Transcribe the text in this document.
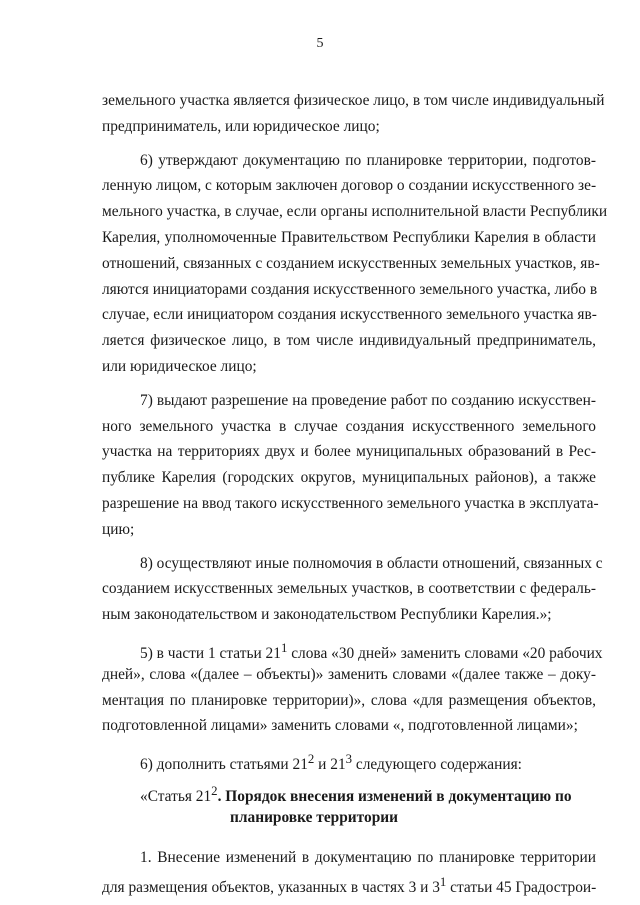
5
земельного участка является физическое лицо, в том числе индивидуальный
предприниматель, или юридическое лицо;
6) утверждают документацию по планировке территории, подготов-
ленную лицом, с которым заключен договор о создании искусственного зе-
мельного участка, в случае, если органы исполнительной власти Республики
Карелия, уполномоченные Правительством Республики Карелия в области
отношений, связанных с созданием искусственных земельных участков, яв-
ляются инициаторами создания искусственного земельного участка, либо в
случае, если инициатором создания искусственного земельного участка яв-
ляется физическое лицо, в том числе индивидуальный предприниматель,
или юридическое лицо;
7) выдают разрешение на проведение работ по созданию искусствен-
ного земельного участка в случае создания искусственного земельного
участка на территориях двух и более муниципальных образований в Рес-
публике Карелия (городских округов, муниципальных районов), а также
разрешение на ввод такого искусственного земельного участка в эксплуата-
цию;
8) осуществляют иные полномочия в области отношений, связанных с
созданием искусственных земельных участков, в соответствии с федераль-
ным законодательством и законодательством Республики Карелия.»;
5) в части 1 статьи $21^1$ слова «30 дней» заменить словами «20 рабочих
дней», слова «(далее – объекты)» заменить словами «(далее также – доку-
ментация по планировке территории)», слова «для размещения объектов,
подготовленной лицами» заменить словами «, подготовленной лицами»;
6) дополнить статьями $21^2$ и $21^3$ следующего содержания:
«Статья $21^2$. Порядок внесения изменений в документацию по
планировке территории
1. Внесение изменений в документацию по планировке территории
для размещения объектов, указанных в частях 3 и $3^1$ статьи 45 Градострои-
